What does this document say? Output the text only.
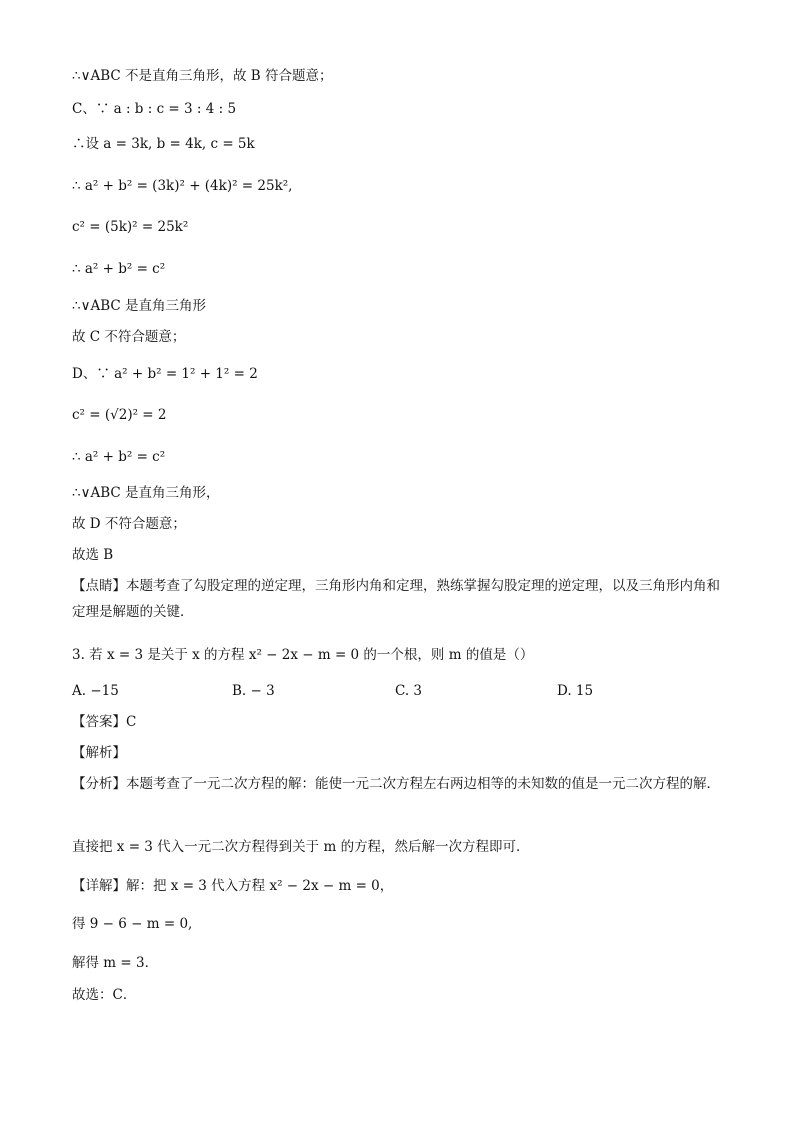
∴∨ABC 不是直角三角形，故 B 符合题意；
C、∵ a : b : c = 3 : 4 : 5
∴设 a = 3k, b = 4k, c = 5k
∴ a² + b² = (3k)² + (4k)² = 25k²,
c² = (5k)² = 25k²
∴ a² + b² = c²
∴∨ABC 是直角三角形
故 C 不符合题意；
D、∵ a² + b² = 1² + 1² = 2
c² = (√2)² = 2
∴ a² + b² = c²
∴∨ABC 是直角三角形，
故 D 不符合题意；
故选 B
【点睛】本题考查了勾股定理的逆定理，三角形内角和定理，熟练掌握勾股定理的逆定理，以及三角形内角和定理是解题的关键．
3. 若 x = 3 是关于 x 的方程 x² − 2x − m = 0 的一个根，则 m 的值是（）
A. −15	B. − 3	C. 3	D. 15
【答案】C
【解析】
【分析】本题考查了一元二次方程的解：能使一元二次方程左右两边相等的未知数的值是一元二次方程的解．
直接把 x = 3 代入一元二次方程得到关于 m 的方程，然后解一次方程即可．
【详解】解：把 x = 3 代入方程 x² − 2x − m = 0，
得 9 − 6 − m = 0,
解得 m = 3．
故选：C．
